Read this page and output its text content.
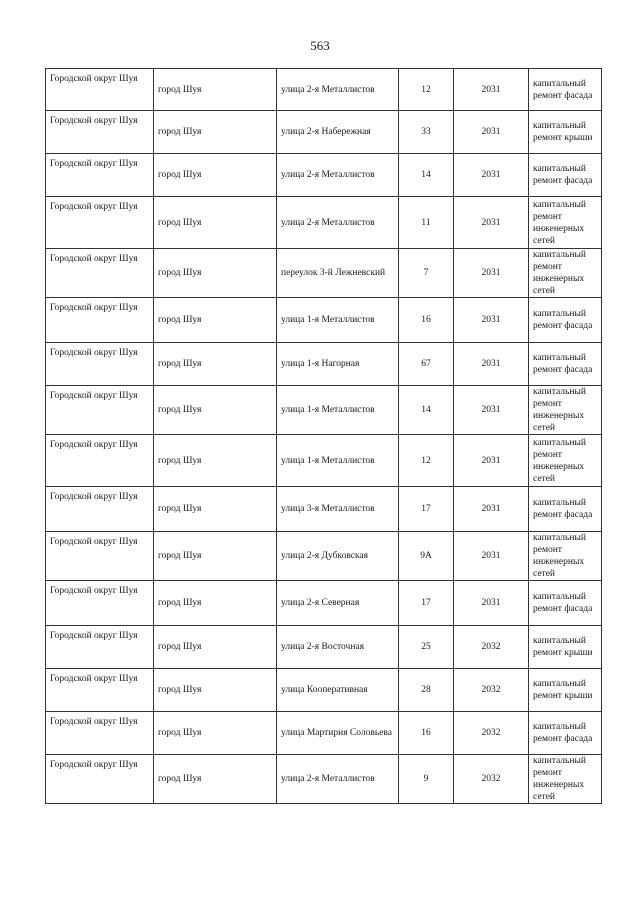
563
Городской округ Шуя	город Шуя	улица 2-я Металлистов	12	2031	капитальный ремонт фасада
Городской округ Шуя	город Шуя	улица 2-я Набережная	33	2031	капитальный ремонт крыши
Городской округ Шуя	город Шуя	улица 2-я Металлистов	14	2031	капитальный ремонт фасада
Городской округ Шуя	город Шуя	улица 2-я Металлистов	11	2031	капитальный ремонт инженерных сетей
Городской округ Шуя	город Шуя	переулок 3-й Лежневский	7	2031	капитальный ремонт инженерных сетей
Городской округ Шуя	город Шуя	улица 1-я Металлистов	16	2031	капитальный ремонт фасада
Городской округ Шуя	город Шуя	улица 1-я Нагорная	67	2031	капитальный ремонт фасада
Городской округ Шуя	город Шуя	улица 1-я Металлистов	14	2031	капитальный ремонт инженерных сетей
Городской округ Шуя	город Шуя	улица 1-я Металлистов	12	2031	капитальный ремонт инженерных сетей
Городской округ Шуя	город Шуя	улица 3-я Металлистов	17	2031	капитальный ремонт фасада
Городской округ Шуя	город Шуя	улица 2-я Дубковская	9А	2031	капитальный ремонт инженерных сетей
Городской округ Шуя	город Шуя	улица 2-я Северная	17	2031	капитальный ремонт фасада
Городской округ Шуя	город Шуя	улица 2-я Восточная	25	2032	капитальный ремонт крыши
Городской округ Шуя	город Шуя	улица Кооперативная	28	2032	капитальный ремонт крыши
Городской округ Шуя	город Шуя	улица Мартирия Соловьева	16	2032	капитальный ремонт фасада
Городской округ Шуя	город Шуя	улица 2-я Металлистов	9	2032	капитальный ремонт инженерных сетей
